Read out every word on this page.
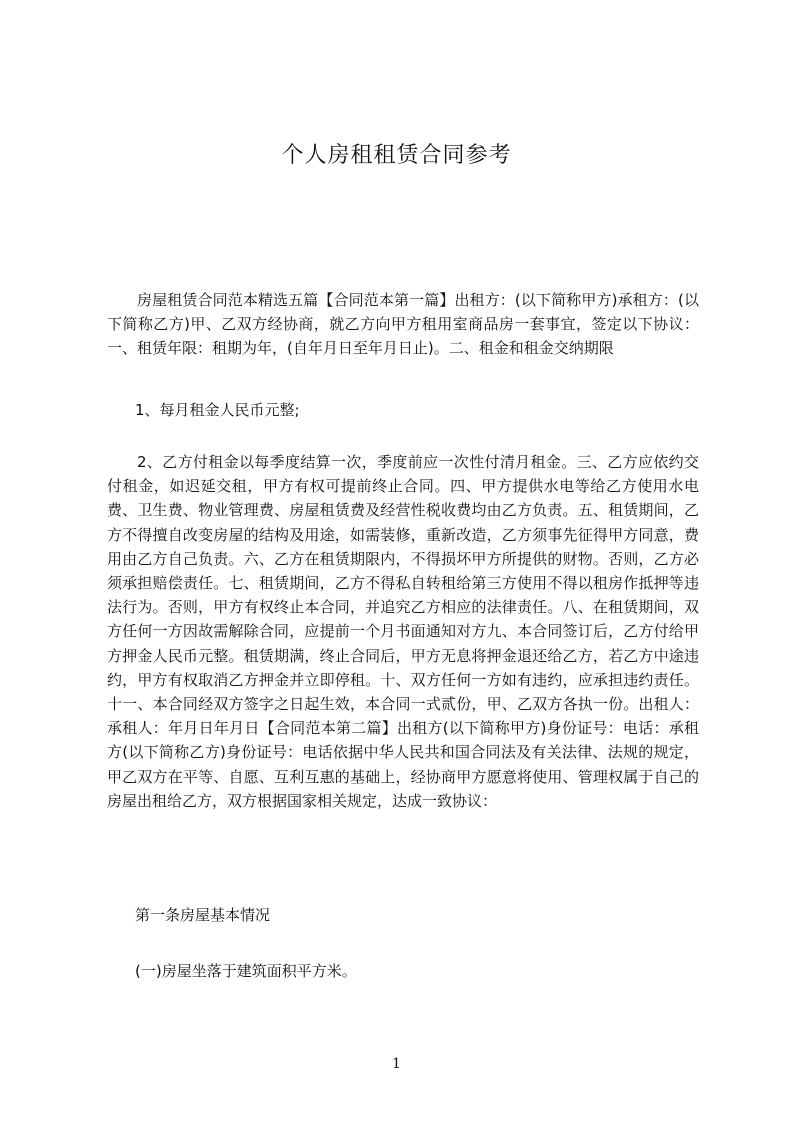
个人房租租赁合同参考
房屋租赁合同范本精选五篇【合同范本第一篇】出租方：(以下简称甲方)承租方：(以下简称乙方)甲、乙双方经协商，就乙方向甲方租用室商品房一套事宜，签定以下协议：一、租赁年限：租期为年，(自年月日至年月日止)。二、租金和租金交纳期限
1、每月租金人民币元整;
2、乙方付租金以每季度结算一次，季度前应一次性付清月租金。三、乙方应依约交付租金，如迟延交租，甲方有权可提前终止合同。四、甲方提供水电等给乙方使用水电费、卫生费、物业管理费、房屋租赁费及经营性税收费均由乙方负责。五、租赁期间，乙方不得擅自改变房屋的结构及用途，如需装修，重新改造，乙方须事先征得甲方同意，费用由乙方自己负责。六、乙方在租赁期限内，不得损坏甲方所提供的财物。否则，乙方必须承担赔偿责任。七、租赁期间，乙方不得私自转租给第三方使用不得以租房作抵押等违法行为。否则，甲方有权终止本合同，并追究乙方相应的法律责任。八、在租赁期间，双方任何一方因故需解除合同，应提前一个月书面通知对方九、本合同签订后，乙方付给甲方押金人民币元整。租赁期满，终止合同后，甲方无息将押金退还给乙方，若乙方中途违约，甲方有权取消乙方押金并立即停租。十、双方任何一方如有违约，应承担违约责任。十一、本合同经双方签字之日起生效，本合同一式贰份，甲、乙双方各执一份。出租人：承租人：年月日年月日【合同范本第二篇】出租方(以下简称甲方)身份证号：电话：承租方(以下简称乙方)身份证号：电话依据中华人民共和国合同法及有关法律、法规的规定，甲乙双方在平等、自愿、互利互惠的基础上，经协商甲方愿意将使用、管理权属于自己的房屋出租给乙方，双方根据国家相关规定，达成一致协议：
第一条房屋基本情况
(一)房屋坐落于建筑面积平方米。
1
